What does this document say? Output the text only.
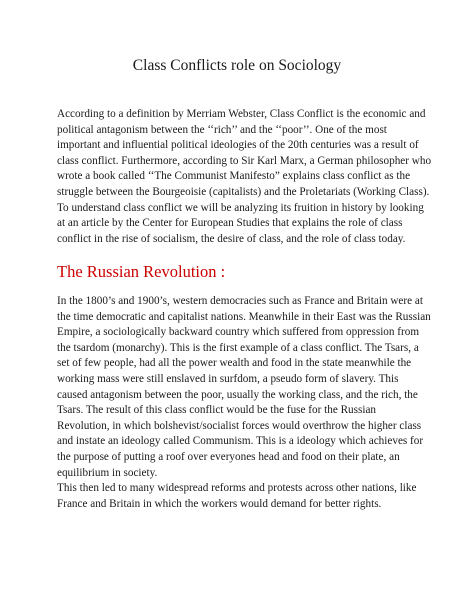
Class Conflicts role on Sociology

According to a definition by Merriam Webster, Class Conflict is the economic and
political antagonism between the ‘‘rich’’ and the ‘‘poor’’. One of the most
important and influential political ideologies of the 20th centuries was a result of
class conflict. Furthermore, according to Sir Karl Marx, a German philosopher who
wrote a book called ‘‘The Communist Manifesto” explains class conflict as the
struggle between the Bourgeoisie (capitalists) and the Proletariats (Working Class).
To understand class conflict we will be analyzing its fruition in history by looking
at an article by the Center for European Studies that explains the role of class
conflict in the rise of socialism, the desire of class, and the role of class today.

The Russian Revolution :

In the 1800’s and 1900’s, western democracies such as France and Britain were at
the time democratic and capitalist nations. Meanwhile in their East was the Russian
Empire, a sociologically backward country which suffered from oppression from
the tsardom (monarchy). This is the first example of a class conflict. The Tsars, a
set of few people, had all the power wealth and food in the state meanwhile the
working mass were still enslaved in surfdom, a pseudo form of slavery. This
caused antagonism between the poor, usually the working class, and the rich, the
Tsars. The result of this class conflict would be the fuse for the Russian
Revolution, in which bolshevist/socialist forces would overthrow the higher class
and instate an ideology called Communism. This is a ideology which achieves for
the purpose of putting a roof over everyones head and food on their plate, an
equilibrium in society.
This then led to many widespread reforms and protests across other nations, like
France and Britain in which the workers would demand for better rights.
